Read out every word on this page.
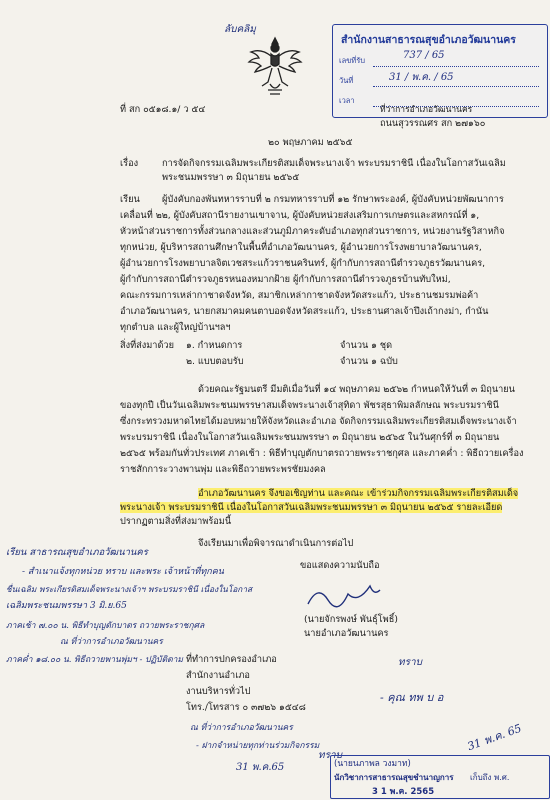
ลับคลิมุ
สำนักงานสาธารณสุขอำเภอวัฒนานคร
เลขที่รับ	737 / 65
วันที่	31 / พ.ค. / 65
เวลา
ที่ สก ๐๕๑๘.๑/ ว ๕๔	ที่ว่าการอำเภอวัฒนานคร
ถนนสุวรรณศร สก ๒๗๑๖๐
๒๐ พฤษภาคม ๒๕๖๕
เรื่อง	การจัดกิจกรรมเฉลิมพระเกียรติสมเด็จพระนางเจ้า พระบรมราชินี เนื่องในโอกาสวันเฉลิม
พระชนมพรรษา ๓ มิถุนายน ๒๕๖๕
เรียน ผู้บังคับกองพันทหารราบที่ ๒ กรมทหารราบที่ ๑๒ รักษาพระองค์, ผู้บังคับหน่วยพัฒนาการ
เคลื่อนที่ ๒๒, ผู้บังคับสถานีรายงานเขาจาน, ผู้บังคับหน่วยส่งเสริมการเกษตรและสหกรณ์ที่ ๑,
หัวหน้าส่วนราชการทั้งส่วนกลางและส่วนภูมิภาคระดับอำเภอทุกส่วนราชการ, หน่วยงานรัฐวิสาหกิจ
ทุกหน่วย, ผู้บริหารสถานศึกษาในพื้นที่อำเภอวัฒนานคร, ผู้อำนวยการโรงพยาบาลวัฒนานคร,
ผู้อำนวยการโรงพยาบาลจิตเวชสระแก้วราชนครินทร์, ผู้กำกับการสถานีตำรวจภูธรวัฒนานคร,
ผู้กำกับการสถานีตำรวจภูธรหนองหมากฝ้าย ผู้กำกับการสถานีตำรวจภูธรบ้านทับใหม่,
คณะกรรมการเหล่ากาชาดจังหวัด, สมาชิกเหล่ากาชาดจังหวัดสระแก้ว, ประธานชมรมพ่อค้า
อำเภอวัฒนานคร, นายกสมาคมคนตาบอดจังหวัดสระแก้ว, ประธานศาลเจ้าปึงเถ้ากงม่า, กำนัน
ทุกตำบล และผู้ใหญ่บ้านฯลฯ
สิ่งที่ส่งมาด้วย ๑. กำหนดการ	จำนวน ๑ ชุด
๒. แบบตอบรับ	จำนวน ๑ ฉบับ
ด้วยคณะรัฐมนตรี มีมติเมื่อวันที่ ๑๔ พฤษภาคม ๒๕๖๒ กำหนดให้วันที่ ๓ มิถุนายน
ของทุกปี เป็นวันเฉลิมพระชนมพรรษาสมเด็จพระนางเจ้าสุทิดา พัชรสุธาพิมลลักษณ พระบรมราชินี
ซึ่งกระทรวงมหาดไทยได้มอบหมายให้จังหวัดและอำเภอ จัดกิจกรรมเฉลิมพระเกียรติสมเด็จพระนางเจ้า
พระบรมราชินี เนื่องในโอกาสวันเฉลิมพระชนมพรรษา ๓ มิถุนายน ๒๕๖๕ ในวันศุกร์ที่ ๓ มิถุนายน
๒๕๖๕ พร้อมกันทั่วประเทศ ภาคเช้า : พิธีทำบุญตักบาตรถวายพระราชกุศล และภาคค่ำ : พิธีถวายเครื่อง
ราชสักการะวางพานพุ่ม และพิธีถวายพระพรชัยมงคล
อำเภอวัฒนานคร จึงขอเชิญท่าน และคณะ เข้าร่วมกิจกรรมเฉลิมพระเกียรติสมเด็จ
พระนางเจ้า พระบรมราชินี เนื่องในโอกาสวันเฉลิมพระชนมพรรษา ๓ มิถุนายน ๒๕๖๕ รายละเอียด
ปรากฏตามสิ่งที่ส่งมาพร้อมนี้
จึงเรียนมาเพื่อพิจารณาดำเนินการต่อไป
ขอแสดงความนับถือ
(นายจักรพงษ์ พันธุ์โพธิ์)
นายอำเภอวัฒนานคร
ที่ทำการปกครองอำเภอ
สำนักงานอำเภอ
งานบริหารทั่วไป
โทร./โทรสาร ๐ ๓๗๒๖ ๑๕๔๘
เรียน สาธารณสุขอำเภอวัฒนานคร
- สำเนาแจ้งทุกหน่วย ทราบ และพระ เจ้าหน้าที่ทุกคน
ชื่นเฉลิม พระเกียรติสมเด็จพระนางเจ้าฯ พระบรมราชินี เนื่องในโอกาส
เฉลิมพระชนมพรรษา 3 มิ.ย.65
ภาคเช้า ๗.๐๐ น. พิธีทำบุญตักบาตร ถวายพระราชกุศล
ณ ที่ว่าการอำเภอวัฒนานคร
ภาคค่ำ ๑๘.๐๐ น. พิธีถวายพานพุ่มฯ - ปฏิบัติตาม
ณ ที่ว่าการอำเภอวัฒนานคร
- ฝากจำหน่ายทุกท่านร่วมกิจกรรม
31 พ.ค.65
ทราบ
ทราบ
- คุณ ทพ บ อ
31 พ.ค. 65
(นายนภาพล วงมาท)
นักวิชาการสาธารณสุขชำนาญการ เก็บถึง พ.ศ.
3 1 พ.ค. 2565
